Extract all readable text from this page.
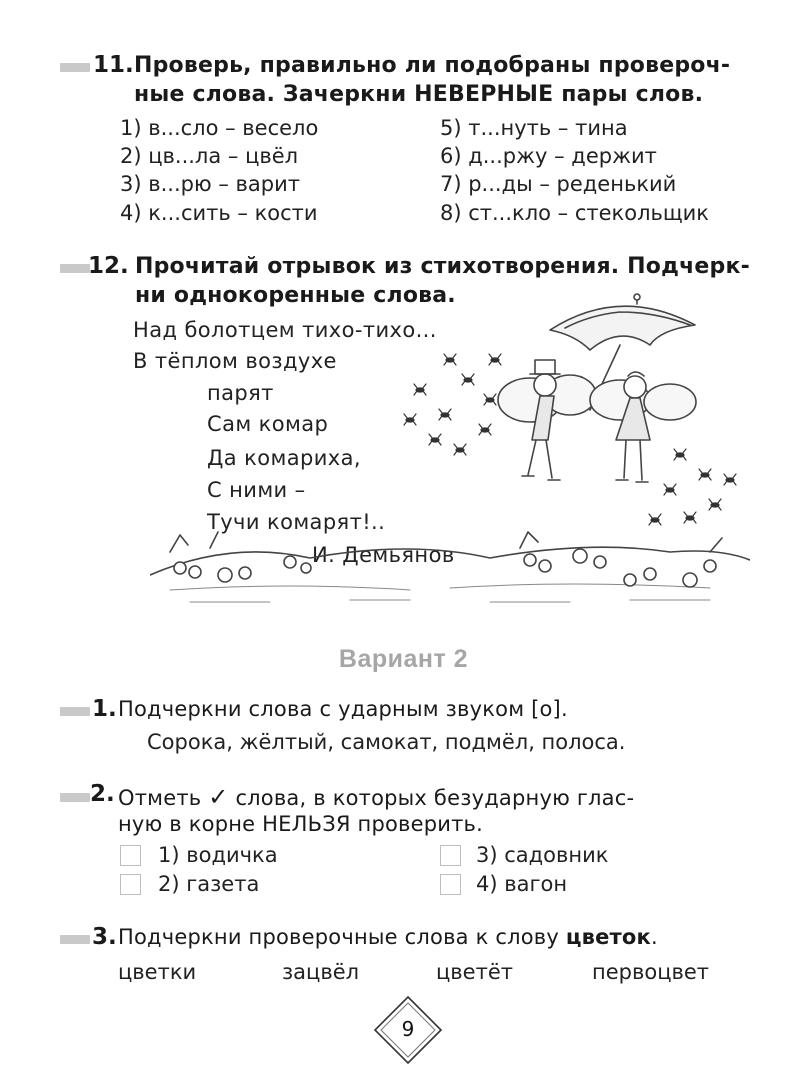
11. Проверь, правильно ли подобраны провероч-
ные слова. Зачеркни НЕВЕРНЫЕ пары слов.
1) в...сло – весело
2) цв...ла – цвёл
3) в...рю – варит
4) к...сить – кости
5) т...нуть – тина
6) д...ржу – держит
7) р...ды – реденький
8) ст...кло – стекольщик
12. Прочитай отрывок из стихотворения. Подчерк-
ни однокоренные слова.
Над болотцем тихо-тихо...
В тёплом воздухе
парят
Сам комар
Да комариха,
С ними –
Тучи комарят!..
И. Демьянов
Вариант 2
1. Подчеркни слова с ударным звуком [о].
Сорока, жёлтый, самокат, подмёл, полоса.
2. Отметь ✓ слова, в которых безударную глас-
ную в корне НЕЛЬЗЯ проверить.
1) водичка
2) газета
3) садовник
4) вагон
3. Подчеркни проверочные слова к слову цветок.
цветки	зацвёл	цветёт	первоцвет
9
